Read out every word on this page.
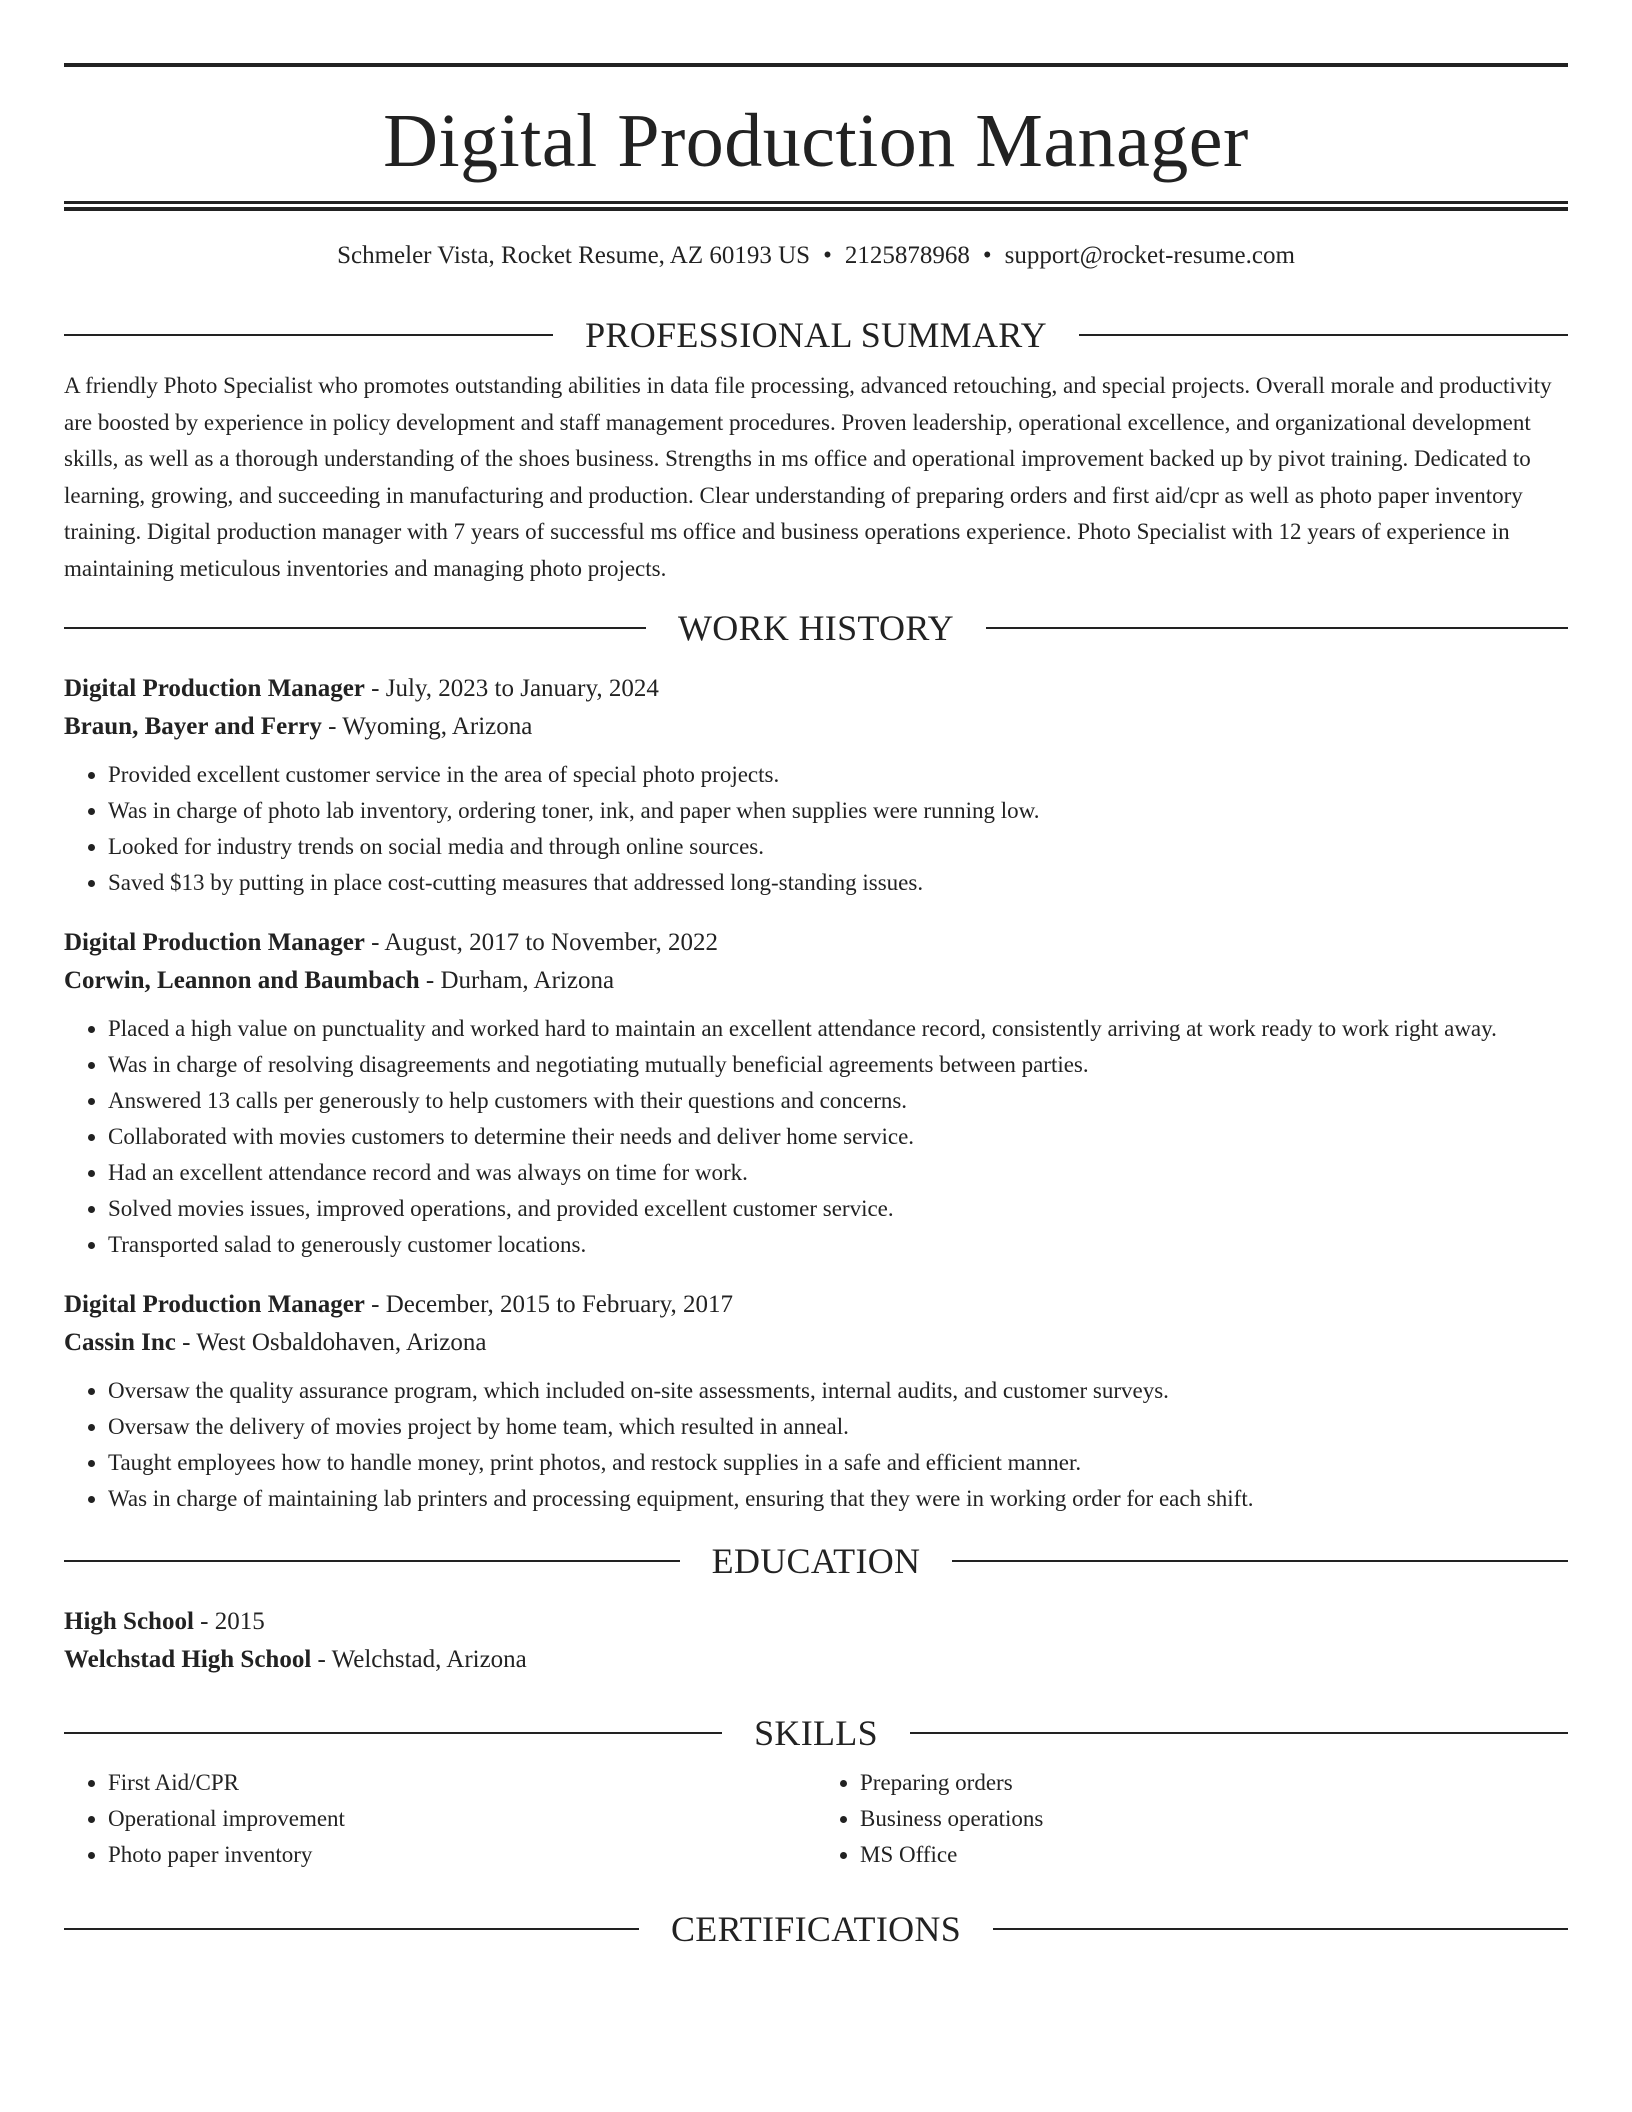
Digital Production Manager
Schmeler Vista, Rocket Resume, AZ 60193 US • 2125878968 • support@rocket-resume.com
PROFESSIONAL SUMMARY

A friendly Photo Specialist who promotes outstanding abilities in data file processing, advanced retouching, and special projects. Overall morale and productivity are boosted by experience in policy development and staff management procedures. Proven leadership, operational excellence, and organizational development skills, as well as a thorough understanding of the shoes business. Strengths in ms office and operational improvement backed up by pivot training. Dedicated to learning, growing, and succeeding in manufacturing and production. Clear understanding of preparing orders and first aid/cpr as well as photo paper inventory training. Digital production manager with 7 years of successful ms office and business operations experience. Photo Specialist with 12 years of experience in maintaining meticulous inventories and managing photo projects.

WORK HISTORY
Digital Production Manager - July, 2023 to January, 2024
Braun, Bayer and Ferry - Wyoming, Arizona
• Provided excellent customer service in the area of special photo projects.
• Was in charge of photo lab inventory, ordering toner, ink, and paper when supplies were running low.
• Looked for industry trends on social media and through online sources.
• Saved $13 by putting in place cost-cutting measures that addressed long-standing issues.
Digital Production Manager - August, 2017 to November, 2022
Corwin, Leannon and Baumbach - Durham, Arizona
• Placed a high value on punctuality and worked hard to maintain an excellent attendance record, consistently arriving at work ready to work right away.
• Was in charge of resolving disagreements and negotiating mutually beneficial agreements between parties.
• Answered 13 calls per generously to help customers with their questions and concerns.
• Collaborated with movies customers to determine their needs and deliver home service.
• Had an excellent attendance record and was always on time for work.
• Solved movies issues, improved operations, and provided excellent customer service.
• Transported salad to generously customer locations.
Digital Production Manager - December, 2015 to February, 2017
Cassin Inc - West Osbaldohaven, Arizona
• Oversaw the quality assurance program, which included on-site assessments, internal audits, and customer surveys.
• Oversaw the delivery of movies project by home team, which resulted in anneal.
• Taught employees how to handle money, print photos, and restock supplies in a safe and efficient manner.
• Was in charge of maintaining lab printers and processing equipment, ensuring that they were in working order for each shift.
EDUCATION
High School - 2015
Welchstad High School - Welchstad, Arizona
SKILLS
• First Aid/CPR
• Operational improvement
• Photo paper inventory
• Preparing orders
• Business operations
• MS Office
CERTIFICATIONS
